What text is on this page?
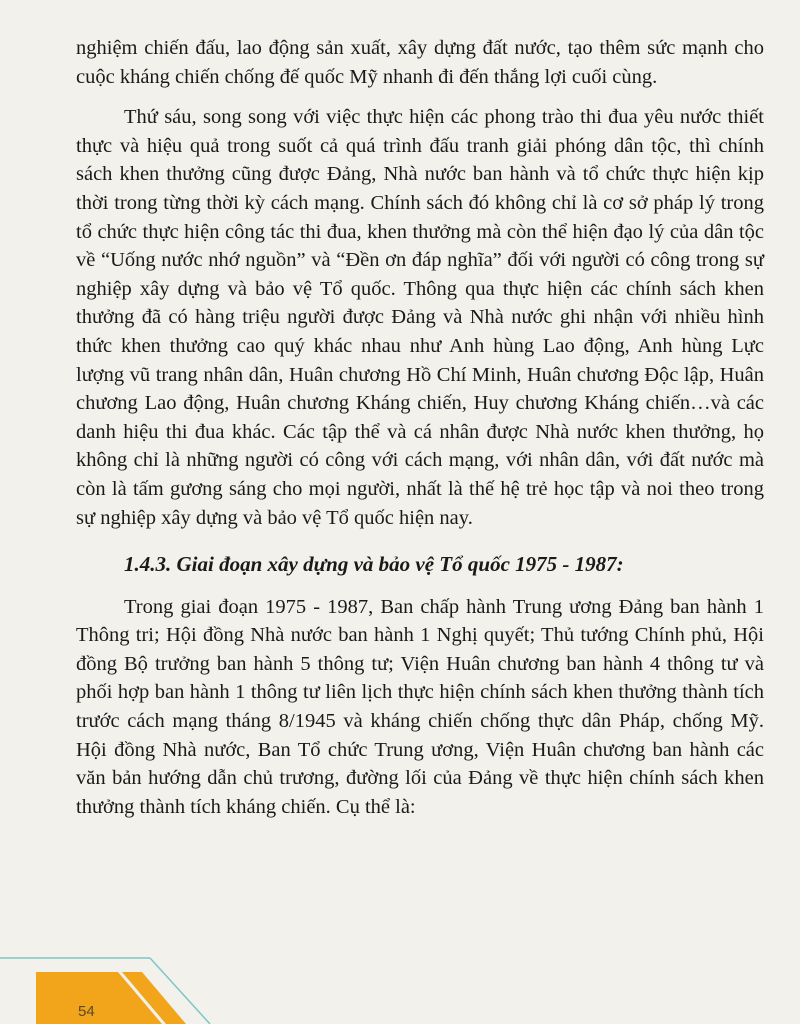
nghiệm chiến đấu, lao động sản xuất, xây dựng đất nước, tạo thêm sức mạnh cho cuộc kháng chiến chống đế quốc Mỹ nhanh đi đến thắng lợi cuối cùng.

Thứ sáu, song song với việc thực hiện các phong trào thi đua yêu nước thiết thực và hiệu quả trong suốt cả quá trình đấu tranh giải phóng dân tộc, thì chính sách khen thưởng cũng được Đảng, Nhà nước ban hành và tổ chức thực hiện kịp thời trong từng thời kỳ cách mạng. Chính sách đó không chỉ là cơ sở pháp lý trong tổ chức thực hiện công tác thi đua, khen thưởng mà còn thể hiện đạo lý của dân tộc về “Uống nước nhớ nguồn” và “Đền ơn đáp nghĩa” đối với người có công trong sự nghiệp xây dựng và bảo vệ Tổ quốc. Thông qua thực hiện các chính sách khen thưởng đã có hàng triệu người được Đảng và Nhà nước ghi nhận với nhiều hình thức khen thưởng cao quý khác nhau như Anh hùng Lao động, Anh hùng Lực lượng vũ trang nhân dân, Huân chương Hồ Chí Minh, Huân chương Độc lập, Huân chương Lao động, Huân chương Kháng chiến, Huy chương Kháng chiến…và các danh hiệu thi đua khác. Các tập thể và cá nhân được Nhà nước khen thưởng, họ không chỉ là những người có công với cách mạng, với nhân dân, với đất nước mà còn là tấm gương sáng cho mọi người, nhất là thế hệ trẻ học tập và noi theo trong sự nghiệp xây dựng và bảo vệ Tổ quốc hiện nay.

1.4.3. Giai đoạn xây dựng và bảo vệ Tổ quốc 1975 - 1987:

Trong giai đoạn 1975 - 1987, Ban chấp hành Trung ương Đảng ban hành 1 Thông tri; Hội đồng Nhà nước ban hành 1 Nghị quyết; Thủ tướng Chính phủ, Hội đồng Bộ trưởng ban hành 5 thông tư; Viện Huân chương ban hành 4 thông tư và phối hợp ban hành 1 thông tư liên lịch thực hiện chính sách khen thưởng thành tích trước cách mạng tháng 8/1945 và kháng chiến chống thực dân Pháp, chống Mỹ. Hội đồng Nhà nước, Ban Tổ chức Trung ương, Viện Huân chương ban hành các văn bản hướng dẫn chủ trương, đường lối của Đảng về thực hiện chính sách khen thưởng thành tích kháng chiến. Cụ thể là:

54
